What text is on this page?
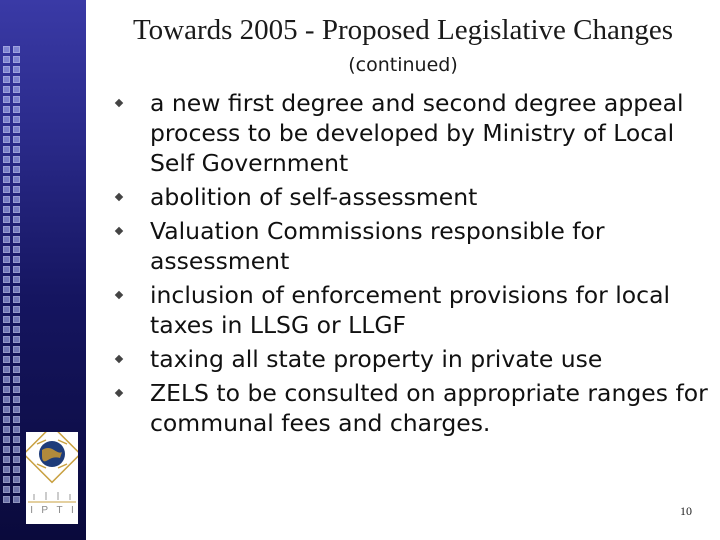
I P T I
Towards 2005 - Proposed Legislative Changes
(continued)
a new first degree and second degree appeal process to be developed by Ministry of Local Self Government
abolition of self-assessment
Valuation Commissions responsible for assessment
inclusion of enforcement provisions for local taxes in LLSG or LLGF
taxing all state property in private use
ZELS to be consulted on appropriate ranges for communal fees and charges.
10
